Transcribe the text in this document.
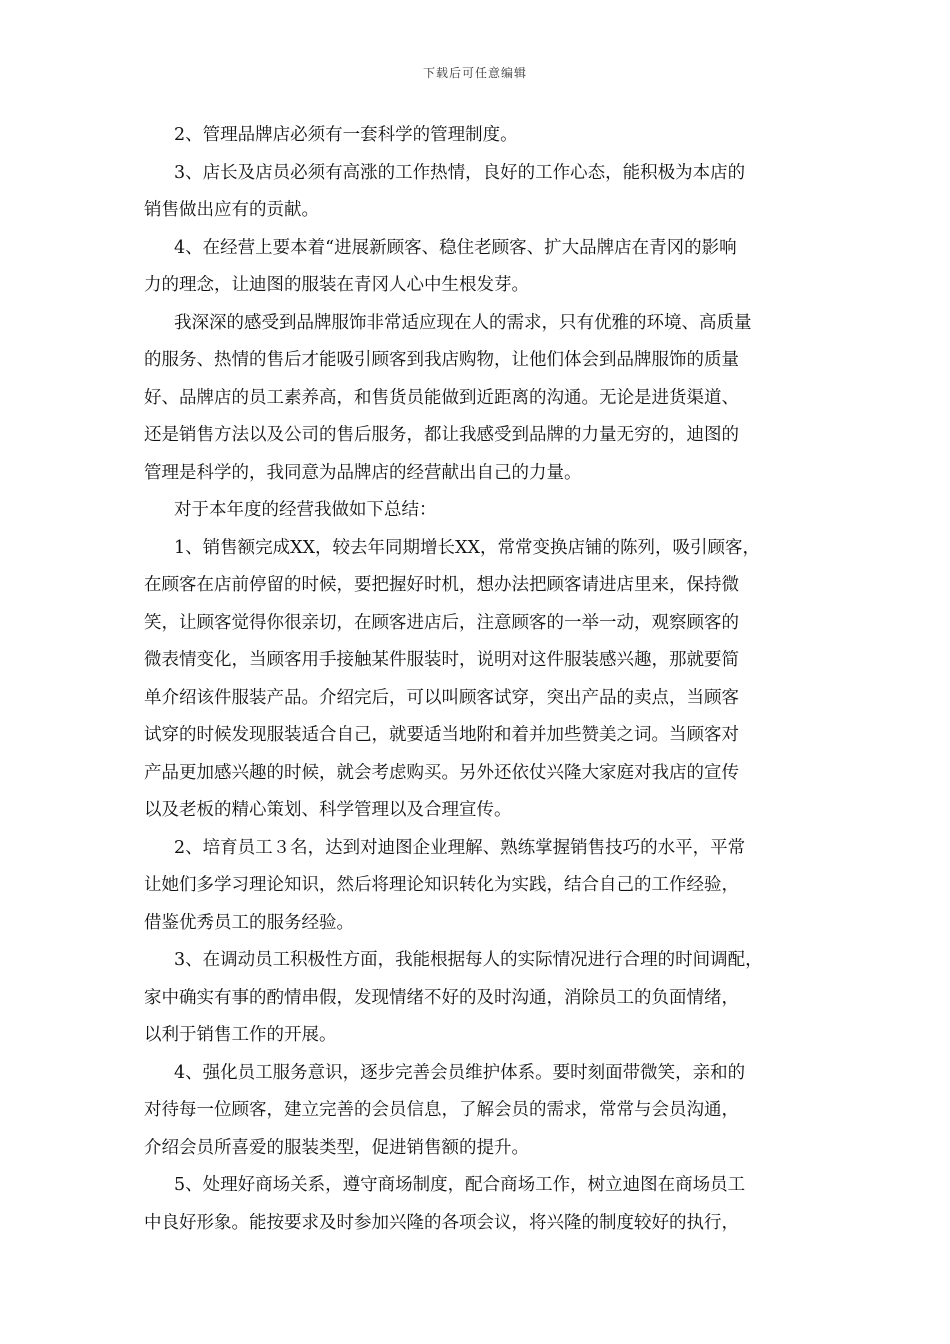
下载后可任意编辑
2、管理品牌店必须有一套科学的管理制度。
3、店长及店员必须有高涨的工作热情，良好的工作心态，能积极为本店的
销售做出应有的贡献。
4、在经营上要本着“进展新顾客、稳住老顾客、扩大品牌店在青冈的影响
力的理念，让迪图的服装在青冈人心中生根发芽。
我深深的感受到品牌服饰非常适应现在人的需求，只有优雅的环境、高质量
的服务、热情的售后才能吸引顾客到我店购物，让他们体会到品牌服饰的质量
好、品牌店的员工素养高，和售货员能做到近距离的沟通。无论是进货渠道、
还是销售方法以及公司的售后服务，都让我感受到品牌的力量无穷的，迪图的
管理是科学的，我同意为品牌店的经营献出自己的力量。
对于本年度的经营我做如下总结：
1、销售额完成XX，较去年同期增长XX，常常变换店铺的陈列，吸引顾客，
在顾客在店前停留的时候，要把握好时机，想办法把顾客请进店里来，保持微
笑，让顾客觉得你很亲切，在顾客进店后，注意顾客的一举一动，观察顾客的
微表情变化，当顾客用手接触某件服装时，说明对这件服装感兴趣，那就要简
单介绍该件服装产品。介绍完后，可以叫顾客试穿，突出产品的卖点，当顾客
试穿的时候发现服装适合自己，就要适当地附和着并加些赞美之词。当顾客对
产品更加感兴趣的时候，就会考虑购买。另外还依仗兴隆大家庭对我店的宣传
以及老板的精心策划、科学管理以及合理宣传。
2、培育员工３名，达到对迪图企业理解、熟练掌握销售技巧的水平，平常
让她们多学习理论知识，然后将理论知识转化为实践，结合自己的工作经验，
借鉴优秀员工的服务经验。
3、在调动员工积极性方面，我能根据每人的实际情况进行合理的时间调配，
家中确实有事的酌情串假，发现情绪不好的及时沟通，消除员工的负面情绪，
以利于销售工作的开展。
4、强化员工服务意识，逐步完善会员维护体系。要时刻面带微笑，亲和的
对待每一位顾客，建立完善的会员信息，了解会员的需求，常常与会员沟通，
介绍会员所喜爱的服装类型，促进销售额的提升。
5、处理好商场关系，遵守商场制度，配合商场工作，树立迪图在商场员工
中良好形象。能按要求及时参加兴隆的各项会议，将兴隆的制度较好的执行，
